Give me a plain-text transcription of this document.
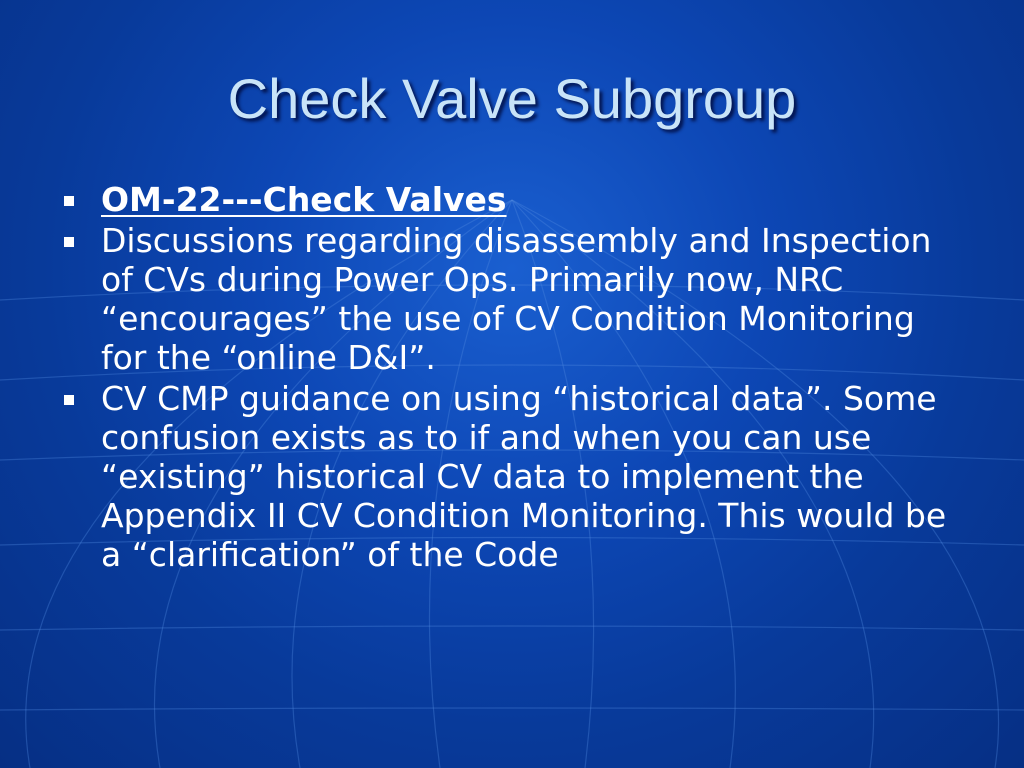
Check Valve Subgroup
OM-22---Check Valves
Discussions regarding disassembly and Inspection of CVs during Power Ops. Primarily now, NRC “encourages” the use of CV Condition Monitoring for the “online D&I”.
CV CMP guidance on using “historical data”. Some confusion exists as to if and when you can use “existing” historical CV data to implement the Appendix II CV Condition Monitoring. This would be a “clarification” of the Code
